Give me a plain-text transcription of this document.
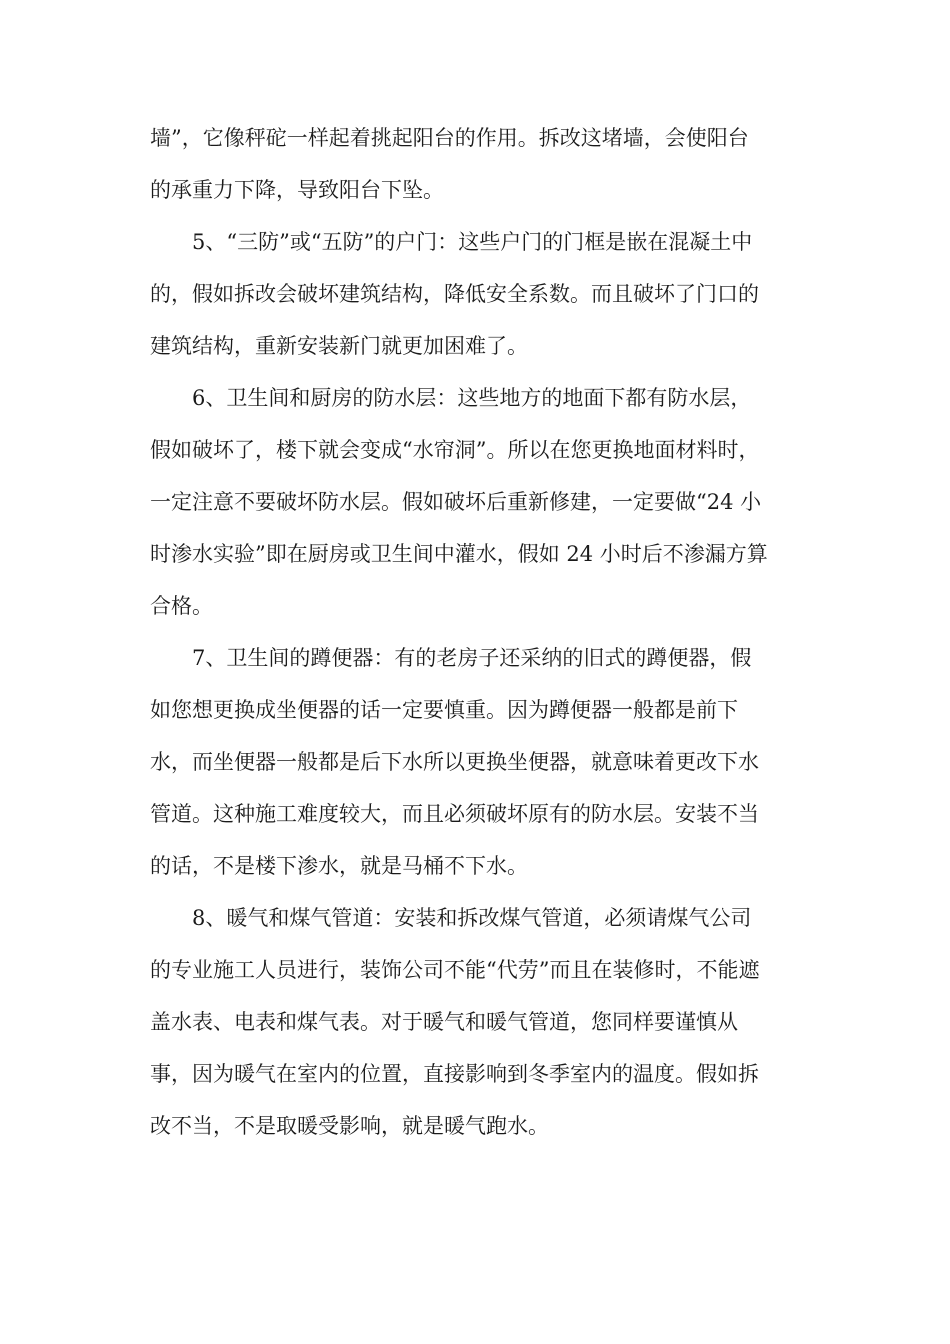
墙”，它像秤砣一样起着挑起阳台的作用。拆改这堵墙，会使阳台
的承重力下降，导致阳台下坠。
5、“三防”或“五防”的户门：这些户门的门框是嵌在混凝土中
的，假如拆改会破坏建筑结构，降低安全系数。而且破坏了门口的
建筑结构，重新安装新门就更加困难了。
6、卫生间和厨房的防水层：这些地方的地面下都有防水层，
假如破坏了，楼下就会变成“水帘洞”。所以在您更换地面材料时，
一定注意不要破坏防水层。假如破坏后重新修建，一定要做“24 小
时渗水实验”即在厨房或卫生间中灌水，假如 24 小时后不渗漏方算
合格。
7、卫生间的蹲便器：有的老房子还采纳的旧式的蹲便器，假
如您想更换成坐便器的话一定要慎重。因为蹲便器一般都是前下
水，而坐便器一般都是后下水所以更换坐便器，就意味着更改下水
管道。这种施工难度较大，而且必须破坏原有的防水层。安装不当
的话，不是楼下渗水，就是马桶不下水。
8、暖气和煤气管道：安装和拆改煤气管道，必须请煤气公司
的专业施工人员进行，装饰公司不能“代劳”而且在装修时，不能遮
盖水表、电表和煤气表。对于暖气和暖气管道，您同样要谨慎从
事，因为暖气在室内的位置，直接影响到冬季室内的温度。假如拆
改不当，不是取暖受影响，就是暖气跑水。
